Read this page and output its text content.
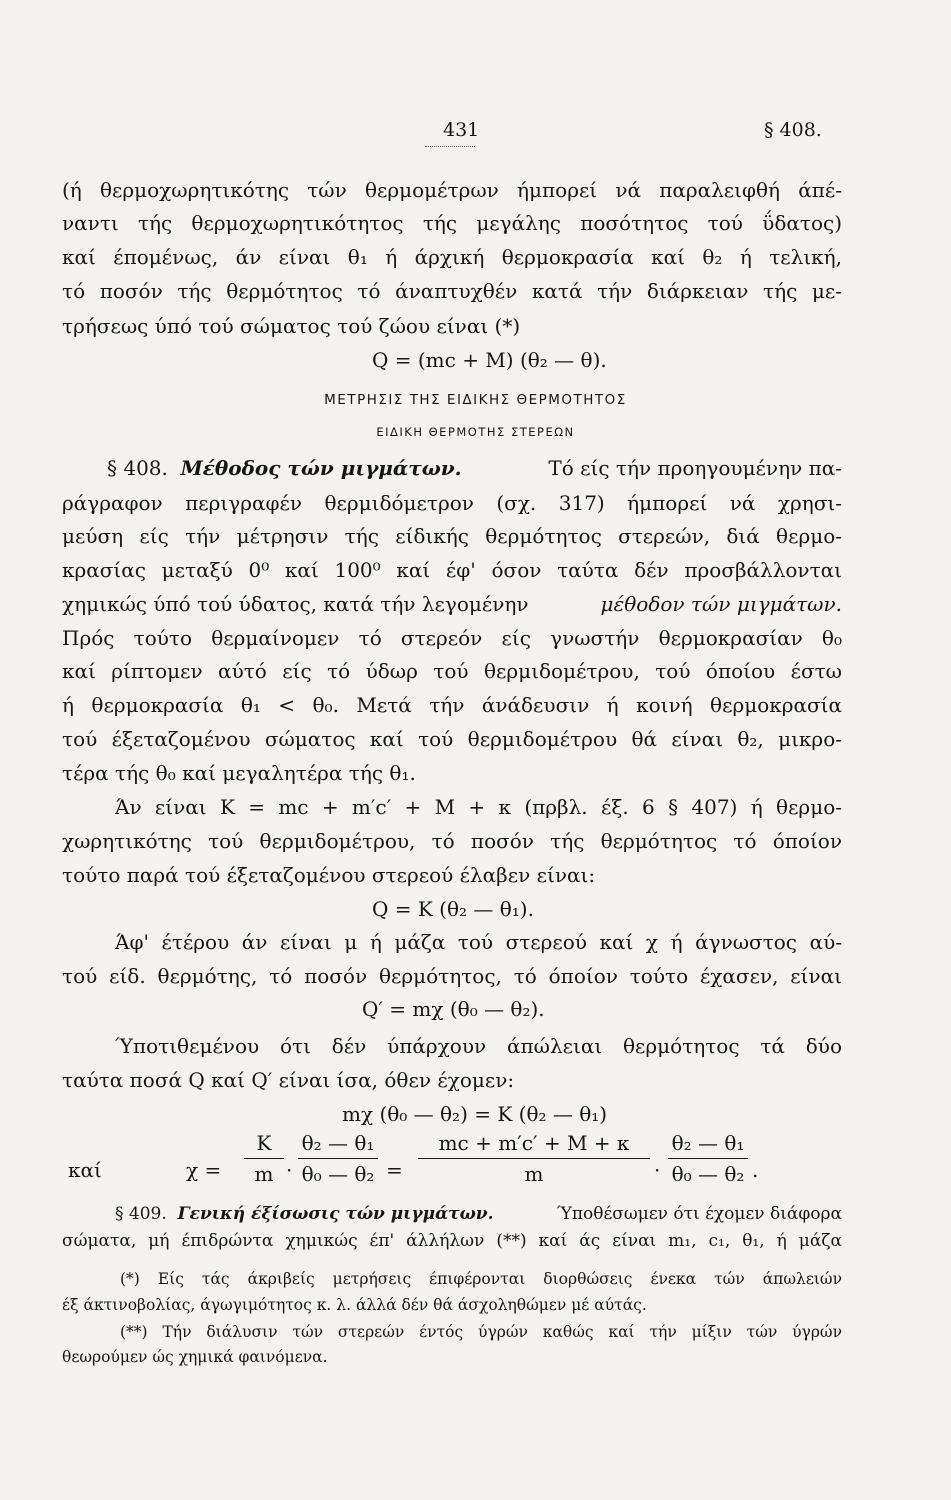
431	§ 408.
(ή θερμοχωρητικότης τών θερμομέτρων ήμπορεί νά παραλειφθή άπέ-
ναντι τής θερμοχωρητικότητος τής μεγάλης ποσότητος τού ΰδατος)
καί έπομένως, άν είναι θ₁ ή άρχική θερμοκρασία καί θ₂ ή τελική,
τό ποσόν τής θερμότητος τό άναπτυχθέν κατά τήν διάρκειαν τής με-
τρήσεως ύπό τού σώματος τού ζώου είναι (*)
Q = (mc + M) (θ₂ — θ).
ΜΕΤΡΗΣΙΣ ΤΗΣ ΕΙΔΙΚΗΣ ΘΕΡΜΟΤΗΤΟΣ
ΕΙΔΙΚΗ ΘΕΡΜΟΤΗΣ ΣΤΕΡΕΩΝ
§ 408. Μέθοδος τών μιγμάτων.	Τό είς τήν προηγουμένην πα-
ράγραφον περιγραφέν θερμιδόμετρον (σχ. 317) ήμπορεί νά χρησι-
μεύση είς τήν μέτρησιν τής είδικής θερμότητος στερεών, διά θερμο-
κρασίας μεταξύ 0⁰ καί 100⁰ καί έφ' όσον ταύτα δέν προσβάλλονται
χημικώς ύπό τού ύδατος, κατά τήν λεγομένην	μέθοδον τών μιγμάτων.
Πρός τούτο θερμαίνομεν τό στερεόν είς γνωστήν θερμοκρασίαν θ₀
καί ρίπτομεν αύτό είς τό ύδωρ τού θερμιδομέτρου, τού όποίου έστω
ή θερμοκρασία θ₁ < θ₀. Μετά τήν άνάδευσιν ή κοινή θερμοκρασία
τού έξεταζομένου σώματος καί τού θερμιδομέτρου θά είναι θ₂, μικρο-
τέρα τής θ₀ καί μεγαλητέρα τής θ₁.
Άν είναι K = mc + m′c′ + M + κ (πρβλ. έξ. 6 § 407) ή θερμο-
χωρητικότης τού θερμιδομέτρου, τό ποσόν τής θερμότητος τό όποίον
τούτο παρά τού έξεταζομένου στερεού έλαβεν είναι:
Q = K (θ₂ — θ₁).
Άφ' έτέρου άν είναι μ ή μάζα τού στερεού καί χ ή άγνωστος αύ-
τού είδ. θερμότης, τό ποσόν θερμότητος, τό όποίον τούτο έχασεν, είναι
Q′ = mχ (θ₀ — θ₂).
Ύποτιθεμένου ότι δέν ύπάρχουν άπώλειαι θερμότητος τά δύο
ταύτα ποσά Q καί Q′ είναι ίσα, όθεν έχομεν:
mχ (θ₀ — θ₂) = K (θ₂ — θ₁)
καί	χ =
K
m ·
θ₂ — θ₁
θ₀ — θ₂ =
mc + m′c′ + M + κ
m	·
θ₂ — θ₁
θ₀ — θ₂ .
§ 409. Γενική έξίσωσις τών μιγμάτων.	Ύποθέσωμεν ότι έχομεν διάφορα
σώματα, μή έπιδρώντα χημικώς έπ' άλλήλων (**) καί άς είναι m₁, c₁, θ₁, ή μάζα
(*) Είς τάς άκριβείς μετρήσεις έπιφέρονται διορθώσεις ένεκα τών άπωλειών
έξ άκτινοβολίας, άγωγιμότητος κ. λ. άλλά δέν θά άσχοληθώμεν μέ αύτάς.
(**) Τήν διάλυσιν τών στερεών έντός ύγρών καθώς καί τήν μίξιν τών ύγρών
θεωρούμεν ώς χημικά φαινόμενα.
